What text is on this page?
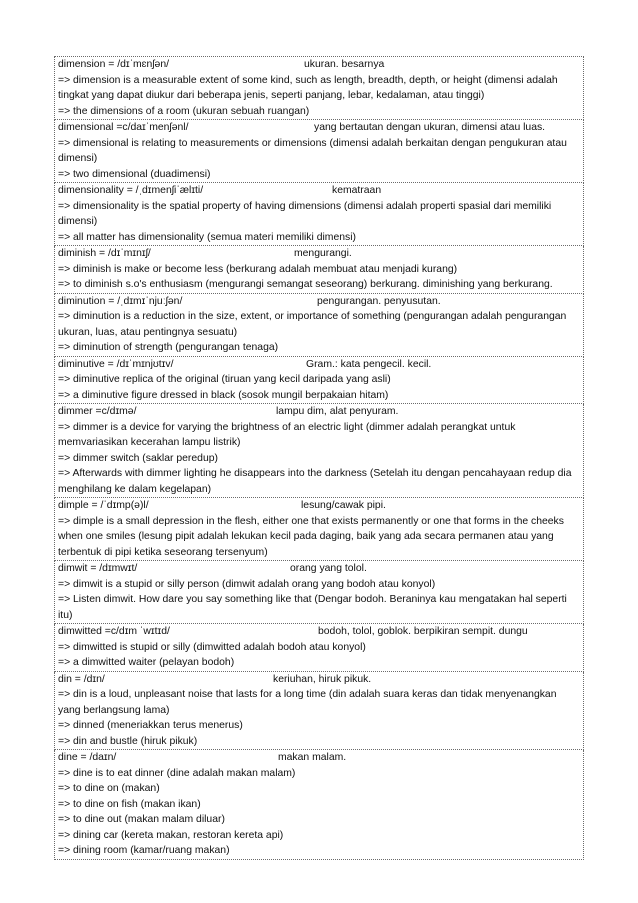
dimension = /dɪˈmɛnʃən/	ukuran. besarnya
=> dimension is a measurable extent of some kind, such as length, breadth, depth, or height (dimensi adalah tingkat yang dapat diukur dari beberapa jenis, seperti panjang, lebar, kedalaman, atau tinggi)
=> the dimensions of a room (ukuran sebuah ruangan)
dimensional =c/daɪˈmenʃənl/	yang bertautan dengan ukuran, dimensi atau luas.
=> dimensional is relating to measurements or dimensions (dimensi adalah berkaitan dengan pengukuran atau dimensi)
=> two dimensional (duadimensi)
dimensionality = /ˌdɪmenʃiˈælɪti/	kematraan
=> dimensionality is the spatial property of having dimensions (dimensi adalah properti spasial dari memiliki dimensi)
=> all matter has dimensionality (semua materi memiliki dimensi)
diminish = /dɪˈmɪnɪʃ/	mengurangi.
=> diminish is make or become less (berkurang adalah membuat atau menjadi kurang)
=> to diminish s.o's enthusiasm (mengurangi semangat seseorang) berkurang. diminishing yang berkurang.
diminution = /ˌdɪmɪˈnjuːʃən/	pengurangan. penyusutan.
=> diminution is a reduction in the size, extent, or importance of something (pengurangan adalah pengurangan ukuran, luas, atau pentingnya sesuatu)
=> diminution of strength (pengurangan tenaga)
diminutive = /dɪˈmɪnjʊtɪv/	Gram.: kata pengecil. kecil.
=> diminutive replica of the original (tiruan yang kecil daripada yang asli)
=> a diminutive figure dressed in black (sosok mungil berpakaian hitam)
dimmer =c/dɪmə/	lampu dim, alat penyuram.
=> dimmer is a device for varying the brightness of an electric light (dimmer adalah perangkat untuk memvariasikan kecerahan lampu listrik)
=> dimmer switch (saklar peredup)
=> Afterwards with dimmer lighting he disappears into the darkness (Setelah itu dengan pencahayaan redup dia menghilang ke dalam kegelapan)
dimple = /ˈdɪmp(ə)l/	lesung/cawak pipi.
=> dimple is a small depression in the flesh, either one that exists permanently or one that forms in the cheeks when one smiles (lesung pipit adalah lekukan kecil pada daging, baik yang ada secara permanen atau yang terbentuk di pipi ketika seseorang tersenyum)
dimwit = /dɪmwɪt/	orang yang tolol.
=> dimwit is a stupid or silly person (dimwit adalah orang yang bodoh atau konyol)
=> Listen dimwit. How dare you say something like that (Dengar bodoh. Beraninya kau mengatakan hal seperti itu)
dimwitted =c/dɪm ˈwɪtɪd/	bodoh, tolol, goblok. berpikiran sempit. dungu
=> dimwitted is stupid or silly (dimwitted adalah bodoh atau konyol)
=> a dimwitted waiter (pelayan bodoh)
din = /dɪn/	keriuhan, hiruk pikuk.
=> din is a loud, unpleasant noise that lasts for a long time (din adalah suara keras dan tidak menyenangkan yang berlangsung lama)
=> dinned (meneriakkan terus menerus)
=> din and bustle (hiruk pikuk)
dine = /daɪn/	makan malam.
=> dine is to eat dinner (dine adalah makan malam)
=> to dine on (makan)
=> to dine on fish (makan ikan)
=> to dine out (makan malam diluar)
=> dining car (kereta makan, restoran kereta api)
=> dining room (kamar/ruang makan)
